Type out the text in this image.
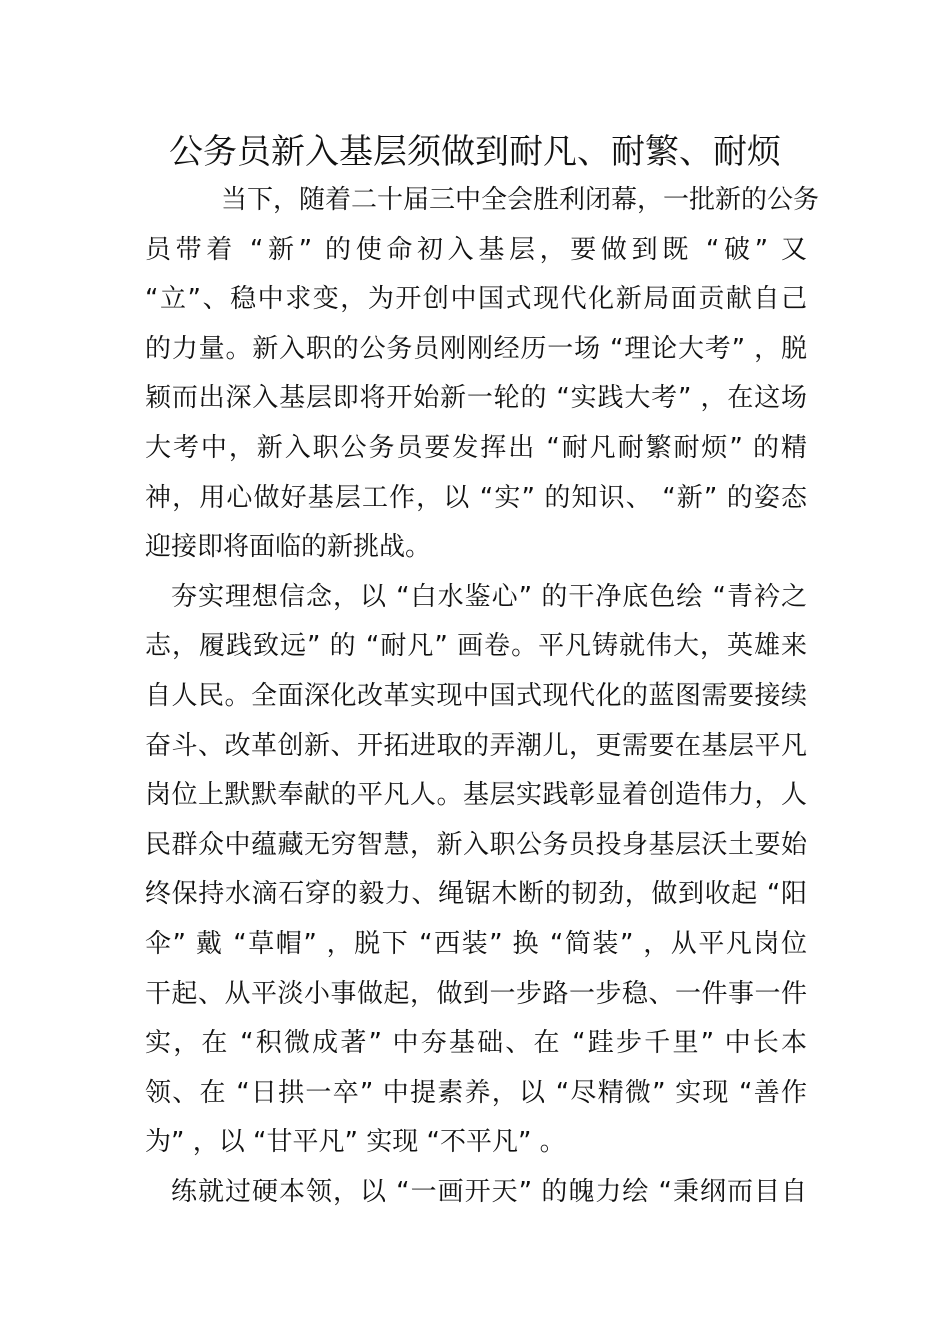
公务员新入基层须做到耐凡、耐繁、耐烦
当下，随着二十届三中全会胜利闭幕，一批新的公务
员带着 “新” 的使命初入基层，要做到既 “破” 又
“立”、稳中求变，为开创中国式现代化新局面贡献自己
的力量。新入职的公务员刚刚经历一场 “理论大考” ，脱
颖而出深入基层即将开始新一轮的 “实践大考” ，在这场
大考中，新入职公务员要发挥出 “耐凡耐繁耐烦” 的精
神，用心做好基层工作，以 “实” 的知识、 “新” 的姿态
迎接即将面临的新挑战。
夯实理想信念，以 “白水鉴心” 的干净底色绘 “青衿之
志，履践致远” 的 “耐凡” 画卷。平凡铸就伟大，英雄来
自人民。全面深化改革实现中国式现代化的蓝图需要接续
奋斗、改革创新、开拓进取的弄潮儿，更需要在基层平凡
岗位上默默奉献的平凡人。基层实践彰显着创造伟力，人
民群众中蕴藏无穷智慧，新入职公务员投身基层沃土要始
终保持水滴石穿的毅力、绳锯木断的韧劲，做到收起 “阳
伞” 戴 “草帽” ，脱下 “西装” 换 “简装” ，从平凡岗位
干起、从平淡小事做起，做到一步路一步稳、一件事一件
实，在 “积微成著” 中夯基础、在 “跬步千里” 中长本
领、在 “日拱一卒” 中提素养，以 “尽精微” 实现 “善作
为” ，以 “甘平凡” 实现 “不平凡” 。
练就过硬本领，以 “一画开天” 的魄力绘 “秉纲而目自
